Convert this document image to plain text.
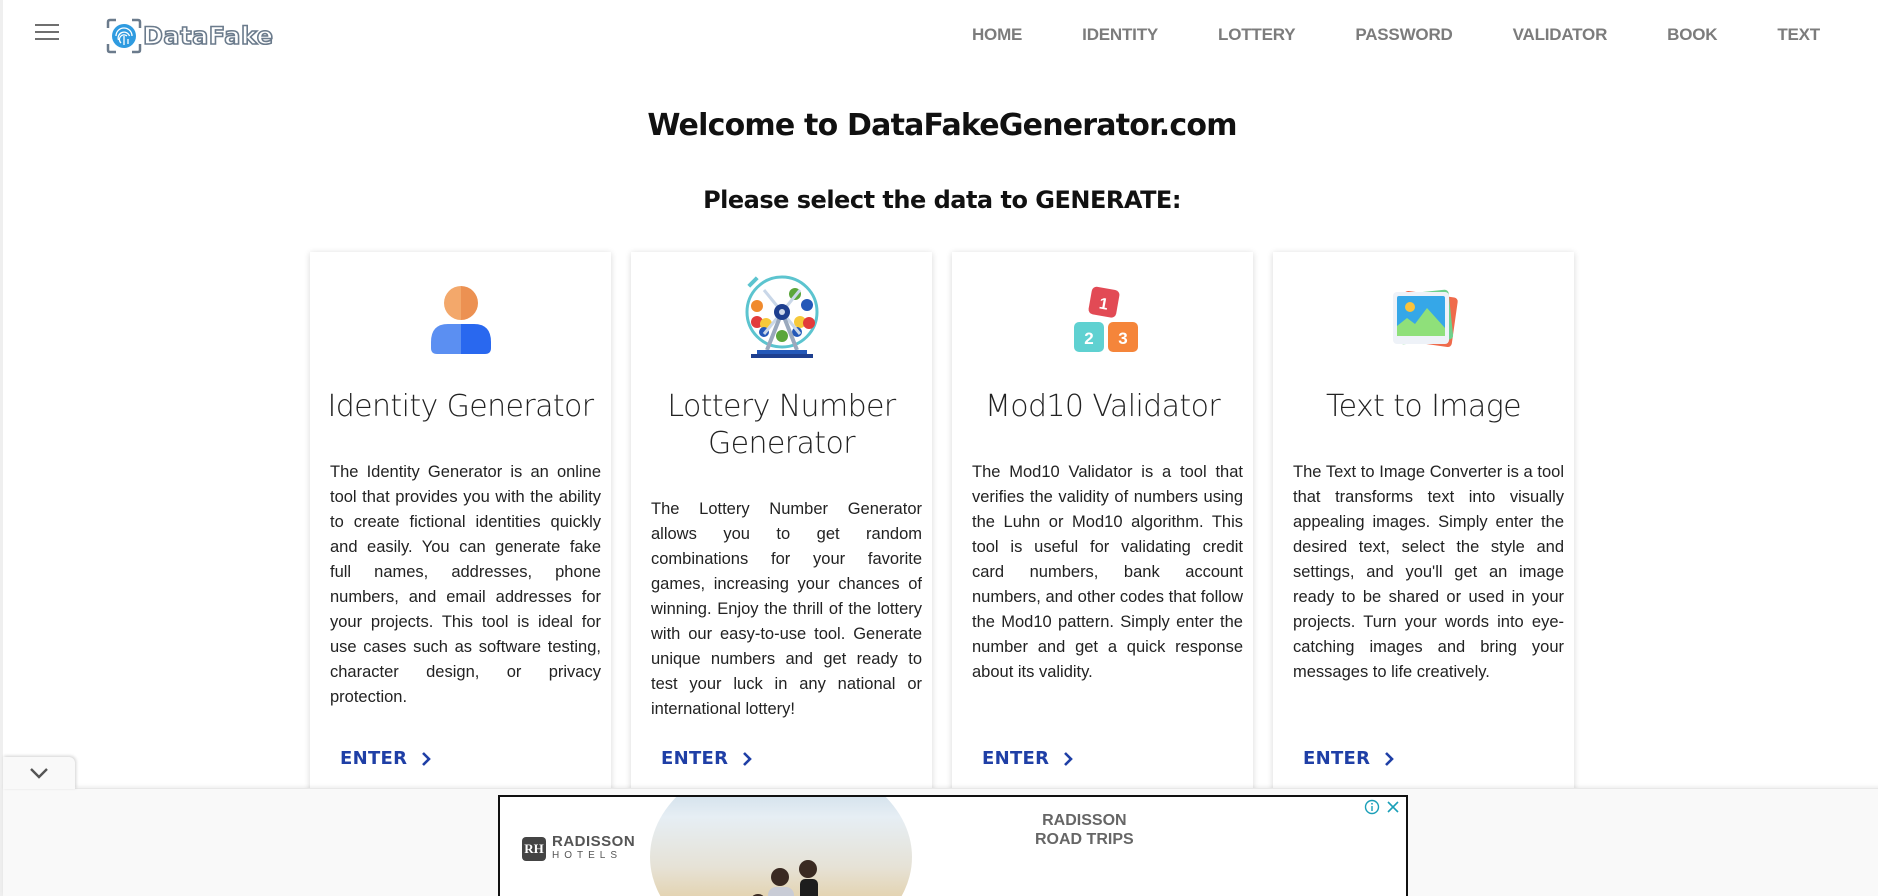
DataFake	HOME	IDENTITY	LOTTERY	PASSWORD	VALIDATOR	BOOK	TEXT
Welcome to DataFakeGenerator.com
Please select the data to GENERATE:
Identity Generator

The Identity Generator is an online tool that provides you with the ability to create fictional identities quickly and easily. You can generate fake full names, addresses, phone numbers, and email addresses for your projects. This tool is ideal for use cases such as software testing, character design, or privacy protection.

ENTER
Lottery Number Generator

The Lottery Number Generator allows you to get random combinations for your favorite games, increasing your chances of winning. Enjoy the thrill of the lottery with our easy-to-use tool. Generate unique numbers and get ready to test your luck in any national or international lottery!

ENTER
1
2 3
Mod10 Validator

The Mod10 Validator is a tool that verifies the validity of numbers using the Luhn or Mod10 algorithm. This tool is useful for validating credit card numbers, bank account numbers, and other codes that follow the Mod10 pattern. Simply enter the number and get a quick response about its validity.

ENTER
Text to Image

The Text to Image Converter is a tool that transforms text into visually appealing images. Simply enter the desired text, select the style and settings, and you'll get an image ready to be shared or used in your projects. Turn your words into eye-catching images and bring your messages to life creatively.

ENTER
RH RADISSON
HOTELS
RADISSON
ROAD TRIPS
